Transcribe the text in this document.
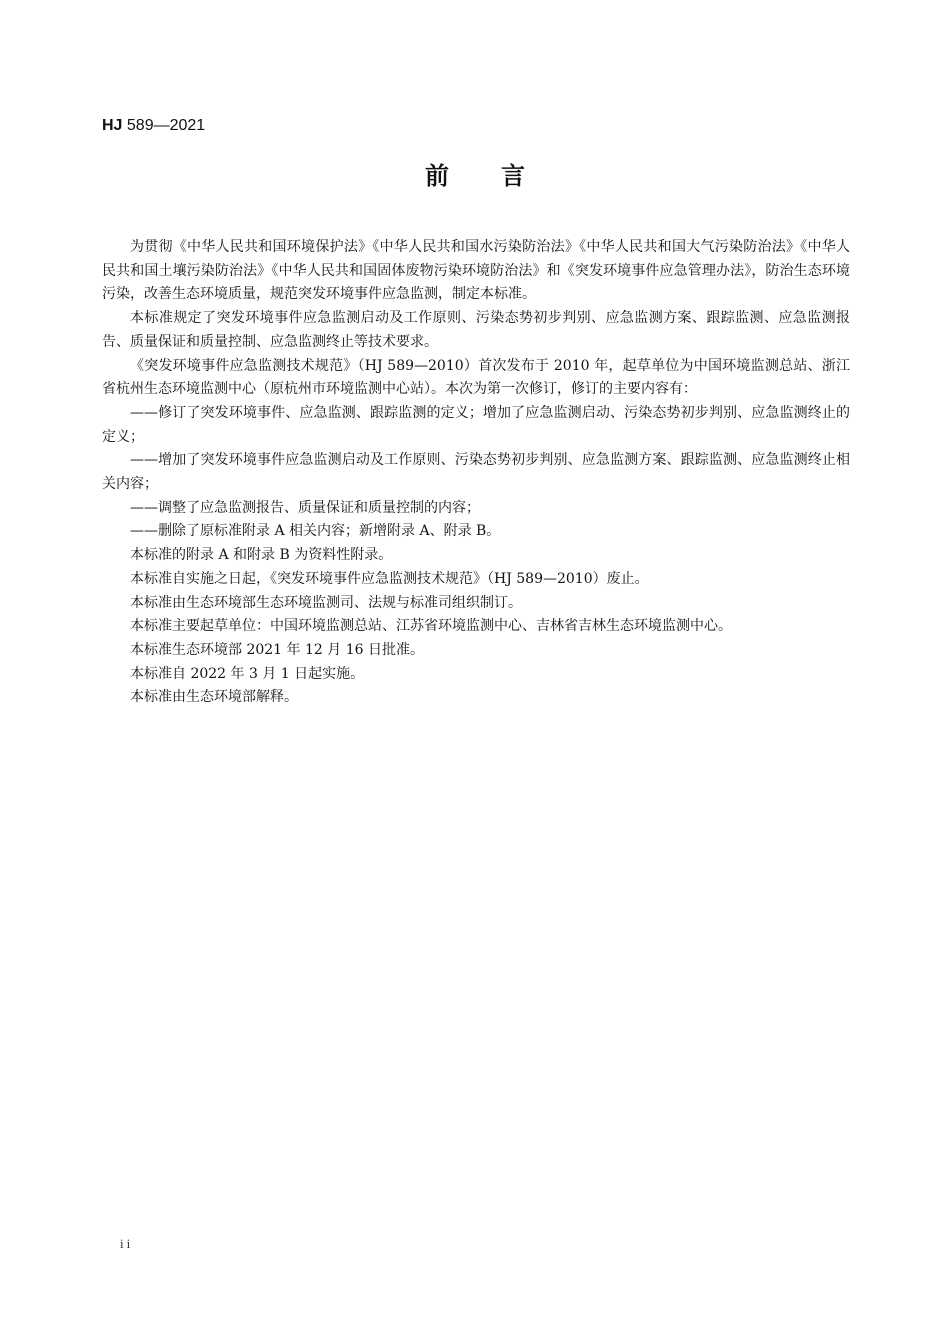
HJ 589—2021
前言

为贯彻《中华人民共和国环境保护法》《中华人民共和国水污染防治法》《中华人民共和国大气污染防治法》《中华人民共和国土壤污染防治法》《中华人民共和国固体废物污染环境防治法》和《突发环境事件应急管理办法》，防治生态环境污染，改善生态环境质量，规范突发环境事件应急监测，制定本标准。

本标准规定了突发环境事件应急监测启动及工作原则、污染态势初步判别、应急监测方案、跟踪监测、应急监测报告、质量保证和质量控制、应急监测终止等技术要求。

《突发环境事件应急监测技术规范》（HJ 589—2010）首次发布于 2010 年，起草单位为中国环境监测总站、浙江省杭州生态环境监测中心（原杭州市环境监测中心站）。本次为第一次修订，修订的主要内容有：

——修订了突发环境事件、应急监测、跟踪监测的定义；增加了应急监测启动、污染态势初步判别、应急监测终止的定义；

——增加了突发环境事件应急监测启动及工作原则、污染态势初步判别、应急监测方案、跟踪监测、应急监测终止相关内容；

——调整了应急监测报告、质量保证和质量控制的内容；

——删除了原标准附录 A 相关内容；新增附录 A、附录 B。

本标准的附录 A 和附录 B 为资料性附录。

本标准自实施之日起，《突发环境事件应急监测技术规范》（HJ 589—2010）废止。

本标准由生态环境部生态环境监测司、法规与标准司组织制订。

本标准主要起草单位：中国环境监测总站、江苏省环境监测中心、吉林省吉林生态环境监测中心。

本标准生态环境部 2021 年 12 月 16 日批准。

本标准自 2022 年 3 月 1 日起实施。

本标准由生态环境部解释。

ii
